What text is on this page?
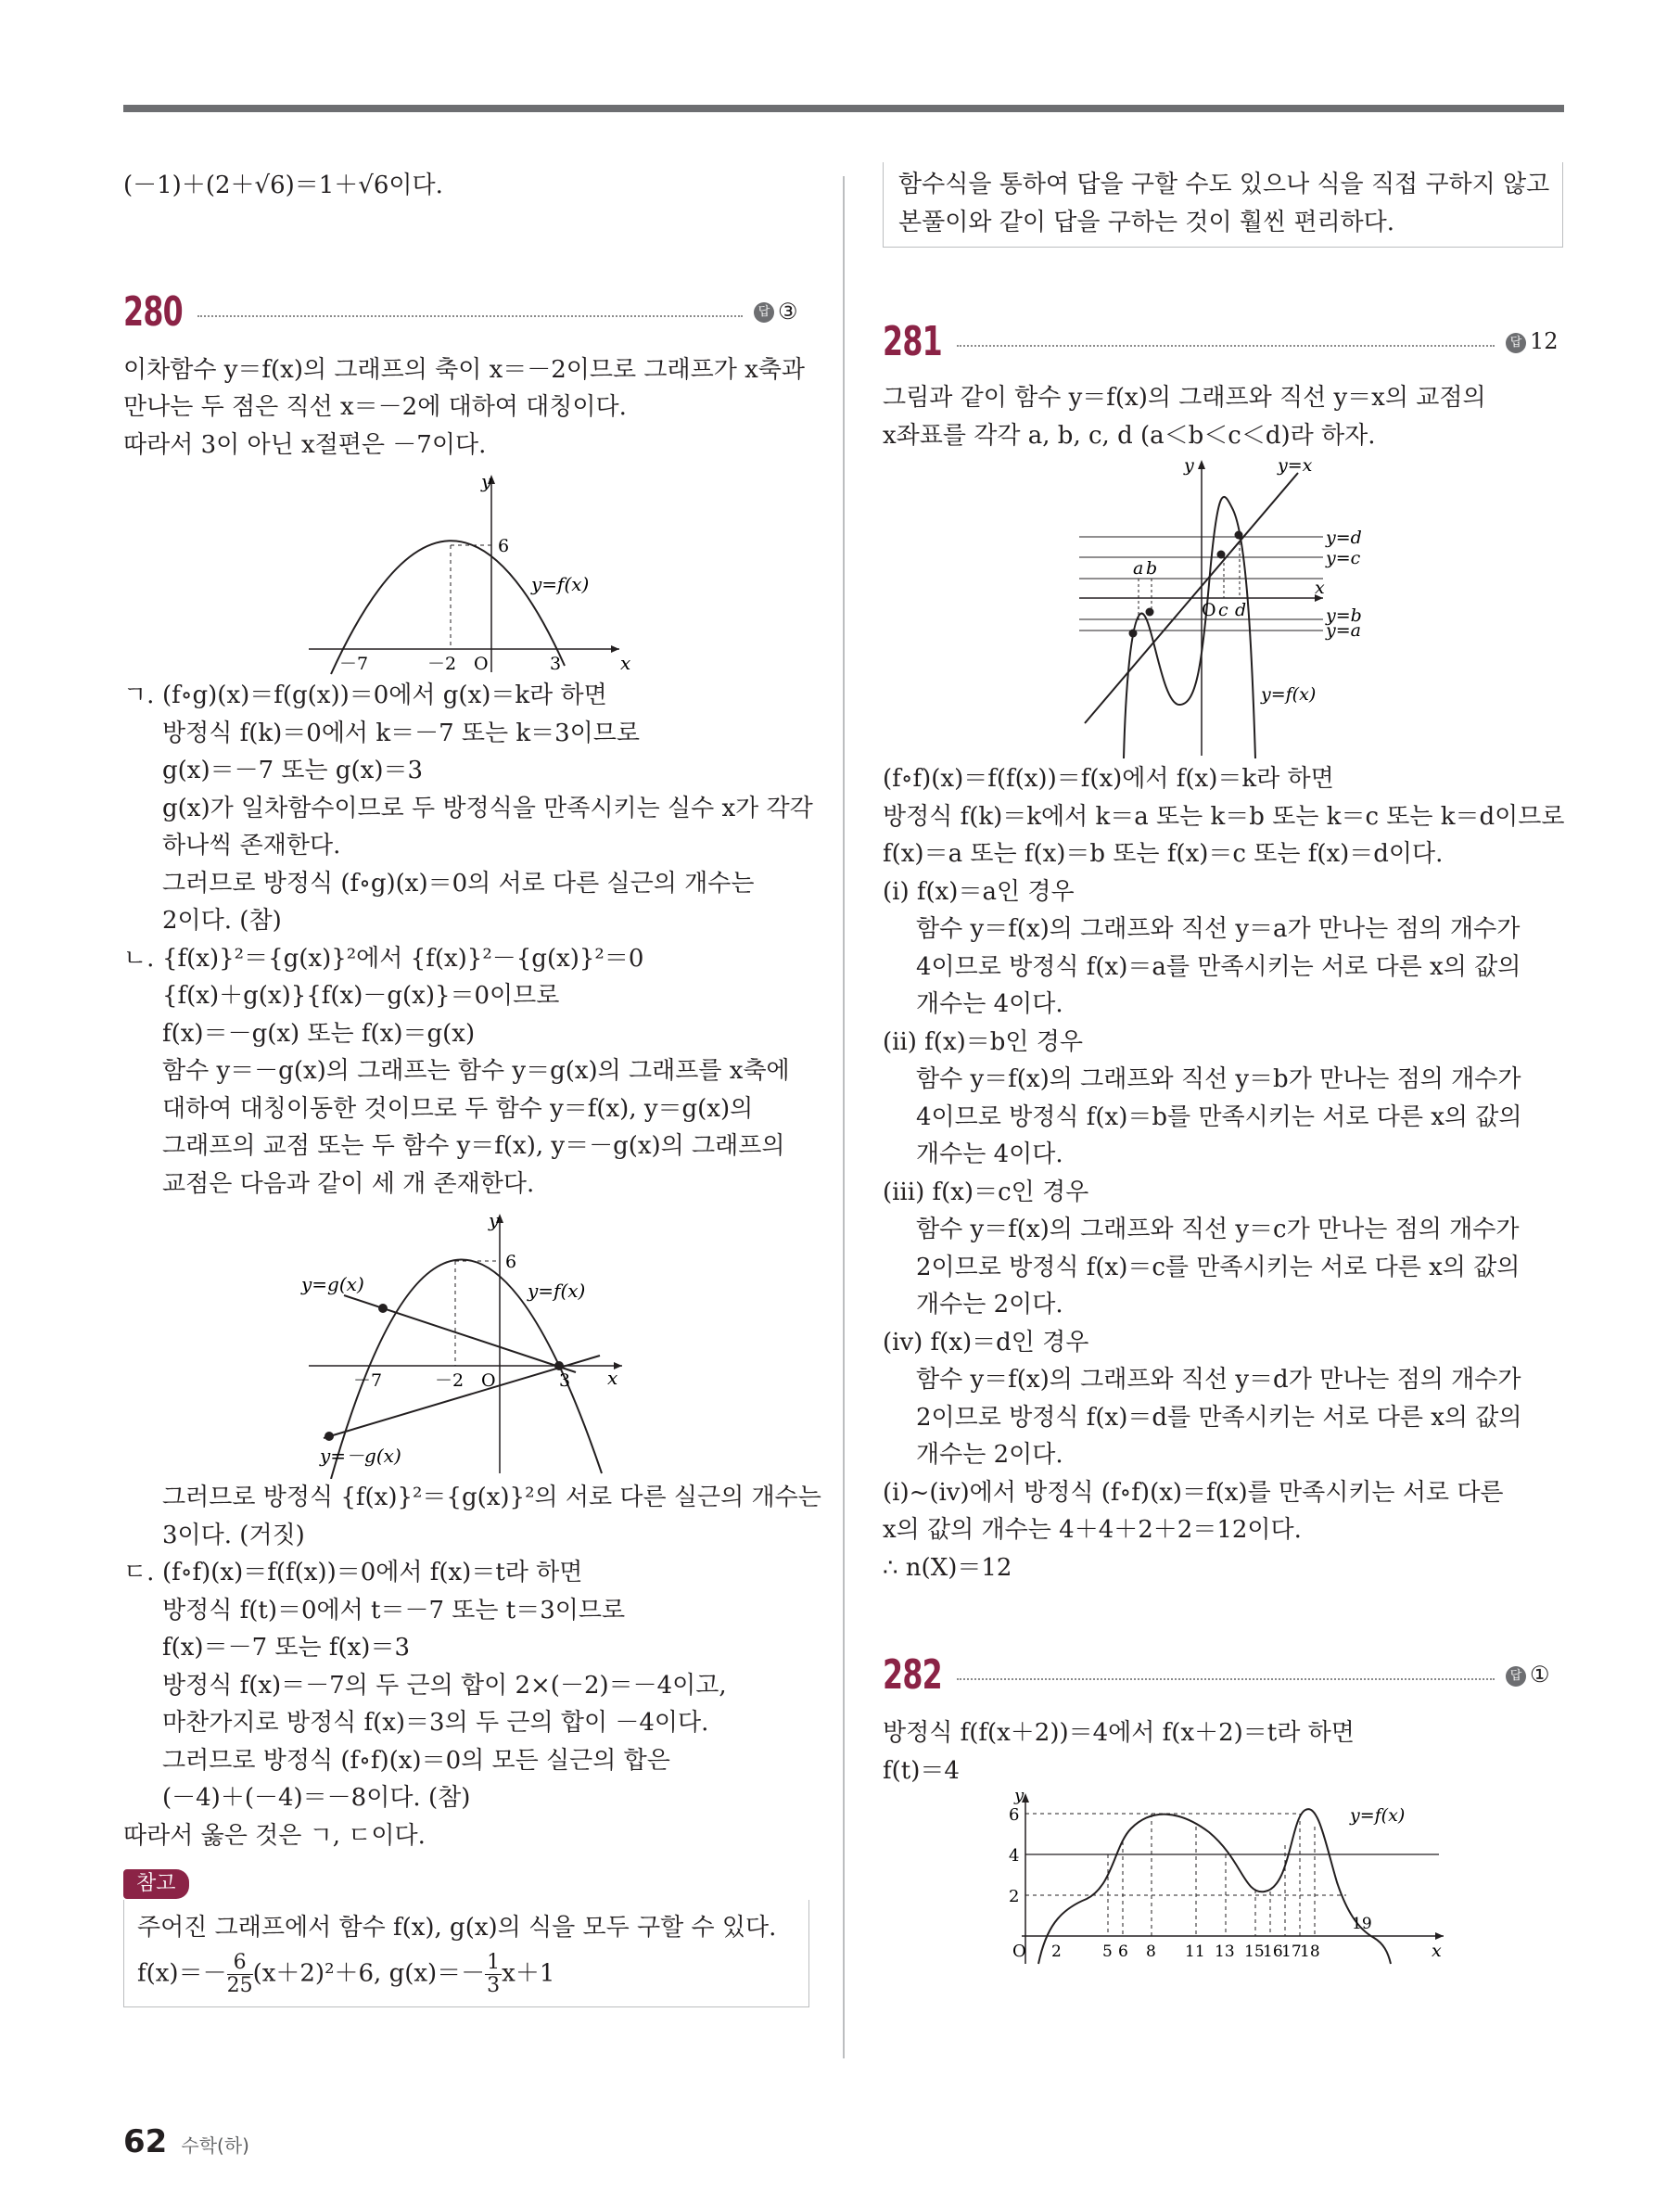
(－1)＋(2＋√6)＝1＋√6이다.
280	답 ③
이차함수 y＝f(x)의 그래프의 축이 x＝－2이므로 그래프가 x축과
만나는 두 점은 직선 x＝－2에 대하여 대칭이다.
따라서 3이 아닌 x절편은 －7이다.
y
x
6
y=f(x)
－7	－2 O	3
ㄱ. (f∘g)(x)＝f(g(x))＝0에서 g(x)＝k라 하면
방정식 f(k)＝0에서 k＝－7 또는 k＝3이므로
g(x)＝－7 또는 g(x)＝3
g(x)가 일차함수이므로 두 방정식을 만족시키는 실수 x가 각각
하나씩 존재한다.
그러므로 방정식 (f∘g)(x)＝0의 서로 다른 실근의 개수는
2이다. (참)
ㄴ. {f(x)}²＝{g(x)}²에서 {f(x)}²－{g(x)}²＝0
{f(x)＋g(x)}{f(x)－g(x)}＝0이므로
f(x)＝－g(x) 또는 f(x)＝g(x)
함수 y＝－g(x)의 그래프는 함수 y＝g(x)의 그래프를 x축에
대하여 대칭이동한 것이므로 두 함수 y＝f(x), y＝g(x)의
그래프의 교점 또는 두 함수 y＝f(x), y＝－g(x)의 그래프의
교점은 다음과 같이 세 개 존재한다.
y
x
6
y=g(x)	y=f(x)
y=－g(x)
－7	－2 O	3
그러므로 방정식 {f(x)}²＝{g(x)}²의 서로 다른 실근의 개수는
3이다. (거짓)
ㄷ. (f∘f)(x)＝f(f(x))＝0에서 f(x)＝t라 하면
방정식 f(t)＝0에서 t＝－7 또는 t＝3이므로
f(x)＝－7 또는 f(x)＝3
방정식 f(x)＝－7의 두 근의 합이 2×(－2)＝－4이고,
마찬가지로 방정식 f(x)＝3의 두 근의 합이 －4이다.
그러므로 방정식 (f∘f)(x)＝0의 모든 실근의 합은
(－4)＋(－4)＝－8이다. (참)
따라서 옳은 것은 ㄱ, ㄷ이다.
참고
주어진 그래프에서 함수 f(x), g(x)의 식을 모두 구할 수 있다.
$f(x)=- \frac{6}{25} (x+2)^2+6$, $g(x)=- \frac{1}{3} x+1$
함수식을 통하여 답을 구할 수도 있으나 식을 직접 구하지 않고
본풀이와 같이 답을 구하는 것이 훨씬 편리하다.
281	답 12
그림과 같이 함수 y＝f(x)의 그래프와 직선 y＝x의 교점의
x좌표를 각각 a, b, c, d (a＜b＜c＜d)라 하자.
y
x
y=x
y=d
y=c
y=b
y=a
a b
O c d
y=f(x)
(f∘f)(x)＝f(f(x))＝f(x)에서 f(x)＝k라 하면
방정식 f(k)＝k에서 k＝a 또는 k＝b 또는 k＝c 또는 k＝d이므로
f(x)＝a 또는 f(x)＝b 또는 f(x)＝c 또는 f(x)＝d이다.
(ⅰ) f(x)＝a인 경우
함수 y＝f(x)의 그래프와 직선 y＝a가 만나는 점의 개수가
4이므로 방정식 f(x)＝a를 만족시키는 서로 다른 x의 값의
개수는 4이다.
(ⅱ) f(x)＝b인 경우
함수 y＝f(x)의 그래프와 직선 y＝b가 만나는 점의 개수가
4이므로 방정식 f(x)＝b를 만족시키는 서로 다른 x의 값의
개수는 4이다.
(ⅲ) f(x)＝c인 경우
함수 y＝f(x)의 그래프와 직선 y＝c가 만나는 점의 개수가
2이므로 방정식 f(x)＝c를 만족시키는 서로 다른 x의 값의
개수는 2이다.
(ⅳ) f(x)＝d인 경우
함수 y＝f(x)의 그래프와 직선 y＝d가 만나는 점의 개수가
2이므로 방정식 f(x)＝d를 만족시키는 서로 다른 x의 값의
개수는 2이다.
(ⅰ)~(ⅳ)에서 방정식 (f∘f)(x)＝f(x)를 만족시키는 서로 다른
x의 값의 개수는 4＋4＋2＋2＝12이다.
∴ n(X)＝12
282	답 ①
방정식 f(f(x＋2))＝4에서 f(x＋2)＝t라 하면
f(t)＝4
y
x
y=f(x)
6
4
2
O 2	5 6 8 11 13 15
16
17
18
19
62 수학(하)
